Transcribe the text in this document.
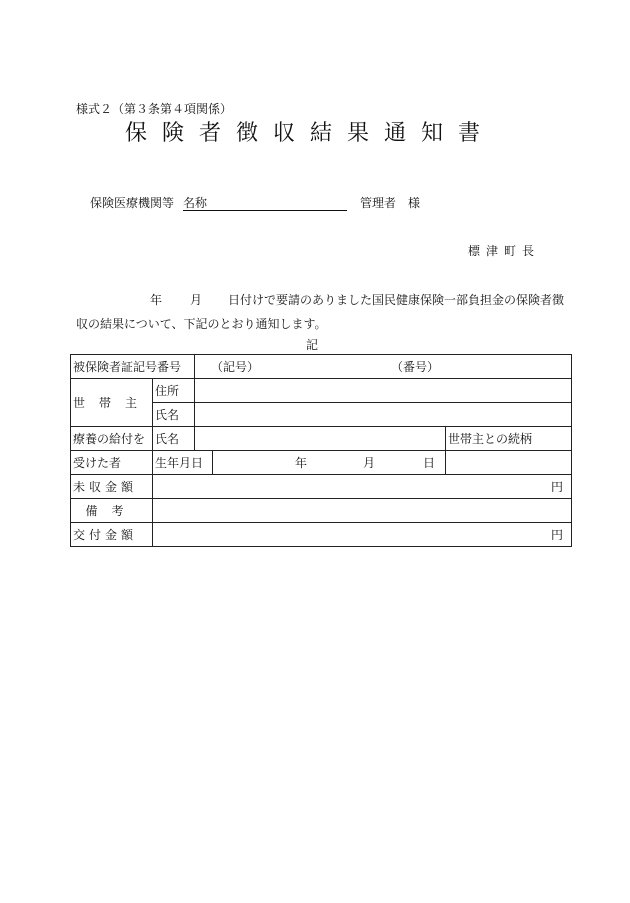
様式２（第３条第４項関係）
保険者徴収結果通知書
保険医療機関等 名称	管理者　様
標津町長
年 月 日付けで要請のありました国民健康保険一部負担金の保険者徴
収の結果について、下記のとおり通知します。
記
被保険者証記号番号		（記号） （番号）		
世帯主	住所			
	氏名			
療養の給付を	氏名			世帯主との続柄
受けた者	生年月日		年 月 日	
未収金額	円			
備考				
交付金額	円			
